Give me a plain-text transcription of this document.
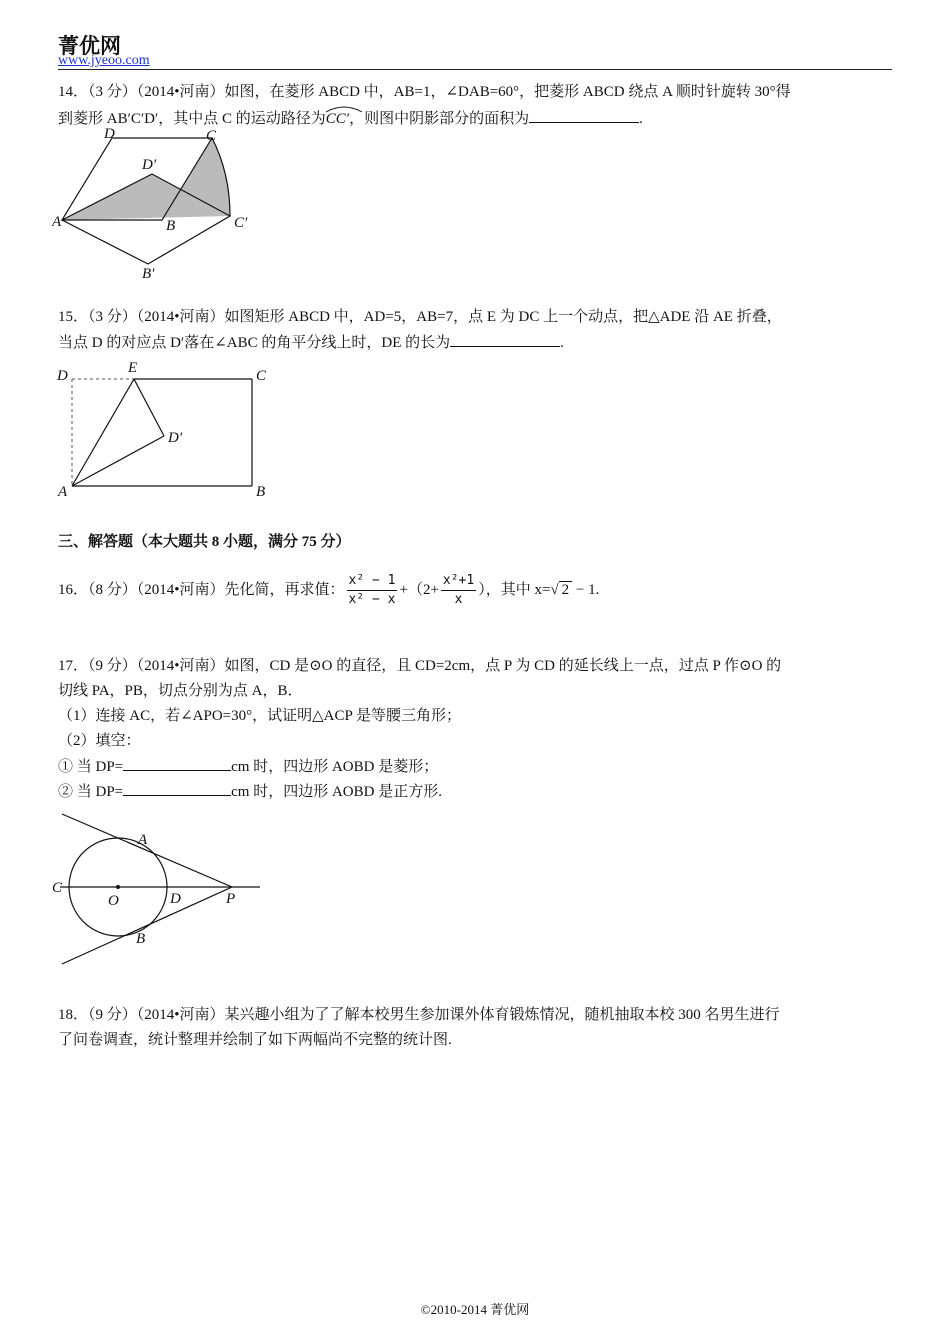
菁优网
www.jyeoo.com
14．（3 分）（2014•河南）如图，在菱形 ABCD 中，AB=1，∠DAB=60°，把菱形 ABCD 绕点 A 顺时针旋转 30°得
到菱形 AB′C′D′，其中点 C 的运动路径为
CC′，则图中阴影部分的面积为	.
D	C
D′
A	B	C′
B′
15．（3 分）（2014•河南）如图矩形 ABCD 中，AD=5，AB=7，点 E 为 DC 上一个动点，把△ADE 沿 AE 折叠，
当点 D 的对应点 D′落在∠ABC 的角平分线上时，DE 的长为	.
D	E	C
D′
A	B
三、解答题（本大题共 8 小题，满分 75 分）
16．（8 分）（2014•河南）先化简，再求值： $\frac{\text{x² − 1}}{\text{x² − x}} +(2+ \frac{\text{x²+1}}{x}$ ），其中 x=√ 2 − 1.
17．（9 分）（2014•河南）如图，CD 是⊙O 的直径，且 CD=2cm，点 P 为 CD 的延长线上一点，过点 P 作⊙O 的
切线 PA，PB，切点分别为点 A，B．
（1）连接 AC，若∠APO=30°，试证明△ACP 是等腰三角形；
（2）填空：
① 当 DP=	cm 时，四边形 AOBD 是菱形；
② 当 DP=	cm 时，四边形 AOBD 是正方形.
A
C
O	D	P
B
18．（9 分）（2014•河南）某兴趣小组为了了解本校男生参加课外体育锻炼情况，随机抽取本校 300 名男生进行
了问卷调查，统计整理并绘制了如下两幅尚不完整的统计图.
©2010-2014 菁优网
